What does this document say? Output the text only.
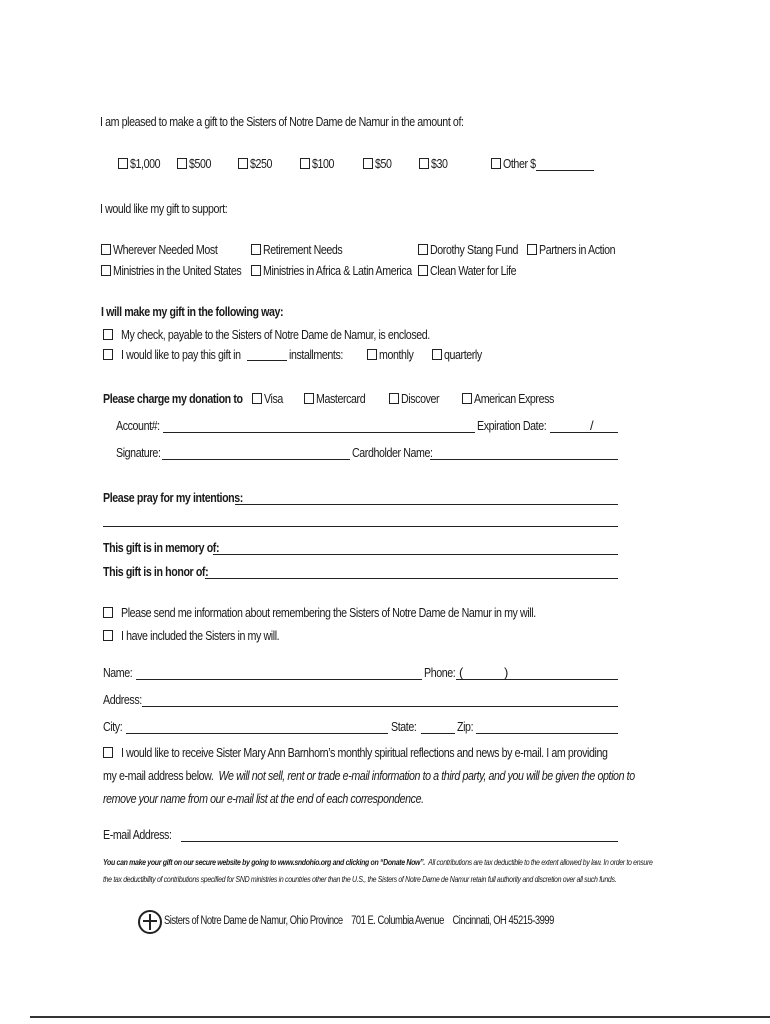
I am pleased to make a gift to the Sisters of Notre Dame de Namur in the amount of:
$1,000	$500	$250	$100	$50	$30	Other $
I would like my gift to support:
Wherever Needed Most	Retirement Needs	Dorothy Stang Fund	Partners in Action
Ministries in the United States	Ministries in Africa & Latin America	Clean Water for Life
I will make my gift in the following way:
My check, payable to the Sisters of Notre Dame de Namur, is enclosed.
I would like to pay this gift in	installments:	monthly	quarterly
Please charge my donation to	Visa	Mastercard	Discover	American Express
Account#:	Expiration Date:	/
Signature:	Cardholder Name:
Please pray for my intentions:
This gift is in memory of:
This gift is in honor of:
Please send me information about remembering the Sisters of Notre Dame de Namur in my will.
I have included the Sisters in my will.
Name:	Phone: (	)
Address:
City:	State:	Zip:
I would like to receive Sister Mary Ann Barnhorn’s monthly spiritual reflections and news by e-mail. I am providing
my e-mail address below. We will not sell, rent or trade e-mail information to a third party, and you will be given the option to
remove your name from our e-mail list at the end of each correspondence.
E-mail Address:
You can make your gift on our secure website by going to www.sndohio.org and clicking on “Donate Now”. All contributions are tax deductible to the extent allowed by law. In order to ensure
the tax deductibility of contributions specified for SND ministries in countries other than the U.S., the Sisters of Notre Dame de Namur retain full authority and discretion over all such funds.
Sisters of Notre Dame de Namur, Ohio Province 701 E. Columbia Avenue Cincinnati, OH 45215-3999
